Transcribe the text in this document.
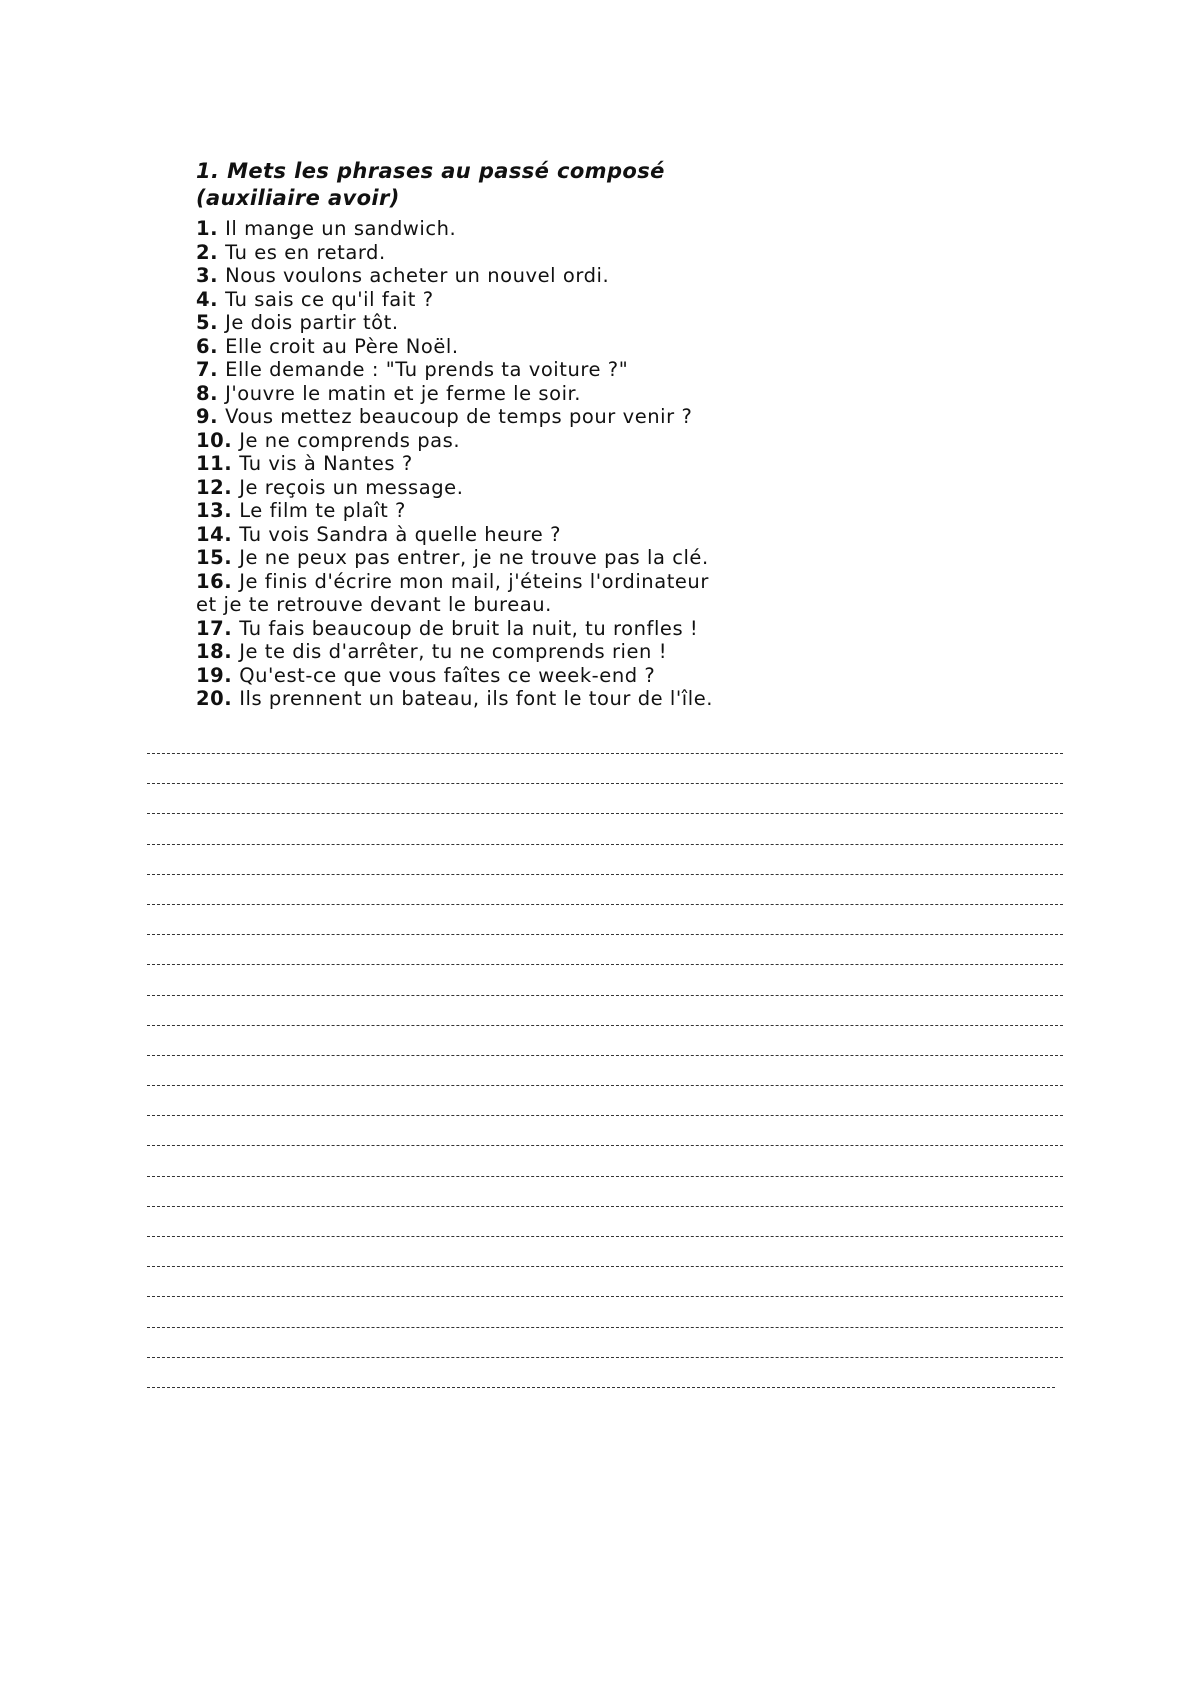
1. Mets les phrases au passé composé
(auxiliaire avoir)
1. Il mange un sandwich.
2. Tu es en retard.
3. Nous voulons acheter un nouvel ordi.
4. Tu sais ce qu'il fait ?
5. Je dois partir tôt.
6. Elle croit au Père Noël.
7. Elle demande : "Tu prends ta voiture ?"
8. J'ouvre le matin et je ferme le soir.
9. Vous mettez beaucoup de temps pour venir ?
10. Je ne comprends pas.
11. Tu vis à Nantes ?
12. Je reçois un message.
13. Le film te plaît ?
14. Tu vois Sandra à quelle heure ?
15. Je ne peux pas entrer, je ne trouve pas la clé.
16. Je finis d'écrire mon mail, j'éteins l'ordinateur
et je te retrouve devant le bureau.
17. Tu fais beaucoup de bruit la nuit, tu ronfles !
18. Je te dis d'arrêter, tu ne comprends rien !
19. Qu'est-ce que vous faîtes ce week-end ?
20. Ils prennent un bateau, ils font le tour de l'île.
